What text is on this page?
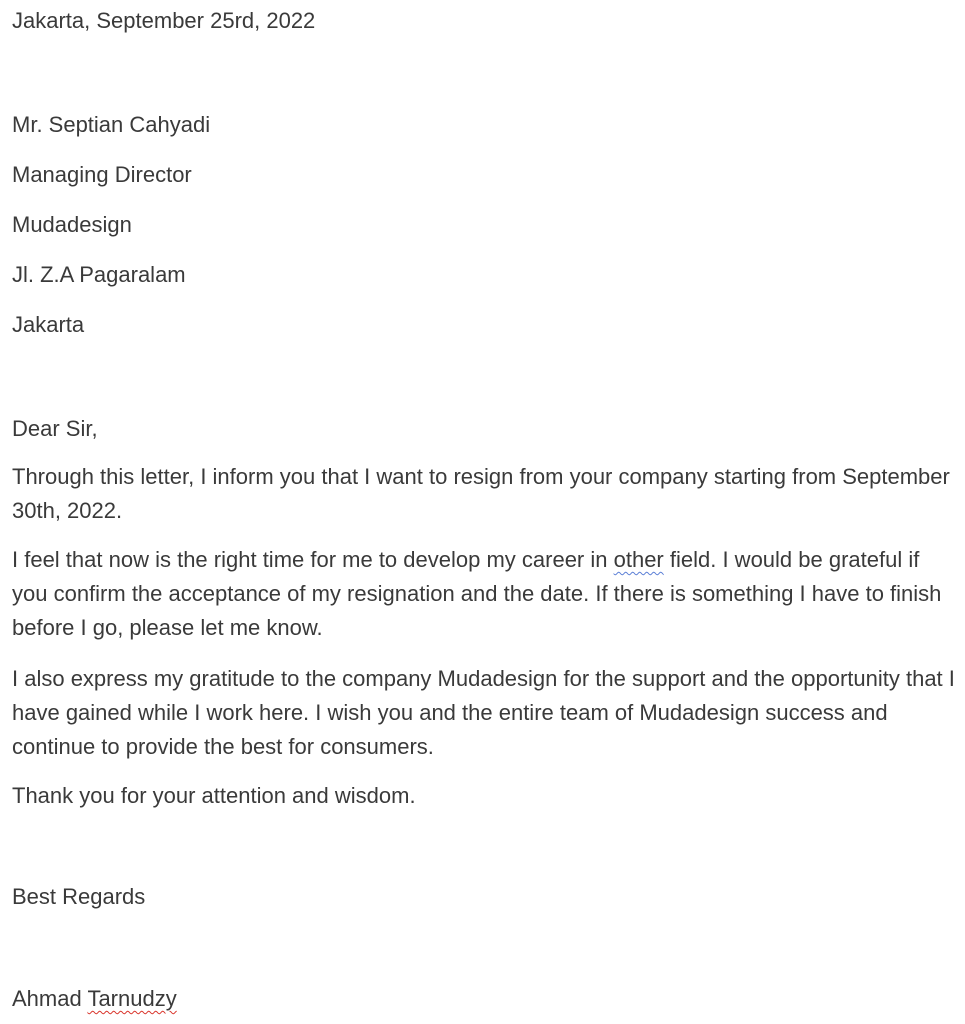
Jakarta, September 25rd, 2022
Mr. Septian Cahyadi
Managing Director
Mudadesign
Jl. Z.A Pagaralam
Jakarta
Dear Sir,
Through this letter, I inform you that I want to resign from your company starting from September 30th, 2022.
I feel that now is the right time for me to develop my career in other field. I would be grateful if you confirm the acceptance of my resignation and the date. If there is something I have to finish before I go, please let me know.
I also express my gratitude to the company Mudadesign for the support and the opportunity that I have gained while I work here. I wish you and the entire team of Mudadesign success and continue to provide the best for consumers.
Thank you for your attention and wisdom.
Best Regards
Ahmad Tarnudzy
